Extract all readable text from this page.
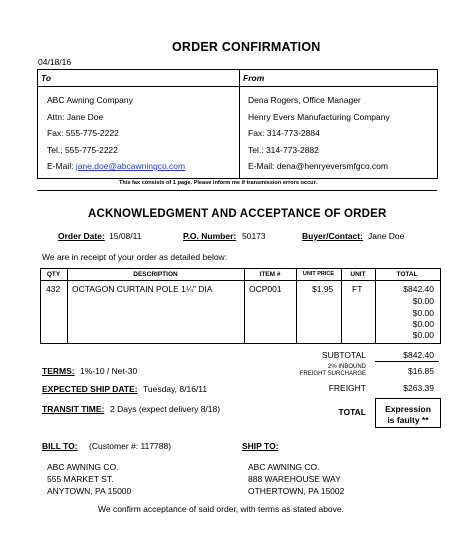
ORDER CONFIRMATION
04/18/16
To	From
ABC Awning Company
Attn: Jane Doe
Fax: 555-775-2222
Tel.: 555-775-2222
E-Mail: jane.doe@abcawningco.com
Dena Rogers, Office Manager
Henry Evers Manufacturing Company
Fax: 314-773-2884
Tel.: 314-773-2882
E-Mail: dena@henryeversmfgco.com
This fax consists of 1 page. Please inform me if transmission errors occur.
ACKNOWLEDGMENT AND ACCEPTANCE OF ORDER
Order Date: 15/08/11	P.O. Number: 50173	Buyer/Contact: Jane Doe
We are in receipt of your order as detailed below:
QTY	DESCRIPTION	ITEM #	UNIT PRICE	UNIT	TOTAL
432 OCTAGON CURTAIN POLE 1¼" DIA	OCP001	$1.95 FT	$842.40
$0.00
$0.00
$0.00
$0.00
SUBTOTAL	$842.40
2% INBOUND
FREIGHT SURCHARGE	$16.85
FREIGHT	$263.39
TOTAL	Expression
is faulty **
TERMS: 1%-10 / Net-30
EXPECTED SHIP DATE: Tuesday, 8/16/11
TRANSIT TIME: 2 Days (expect delivery 8/18)
BILL TO: (Customer #: 117788)
ABC AWNING CO.
555 MARKET ST.
ANYTOWN, PA 15000
SHIP TO:
ABC AWNING CO.
888 WAREHOUSE WAY
OTHERTOWN, PA 15002
We confirm acceptance of said order, with terms as stated above.
